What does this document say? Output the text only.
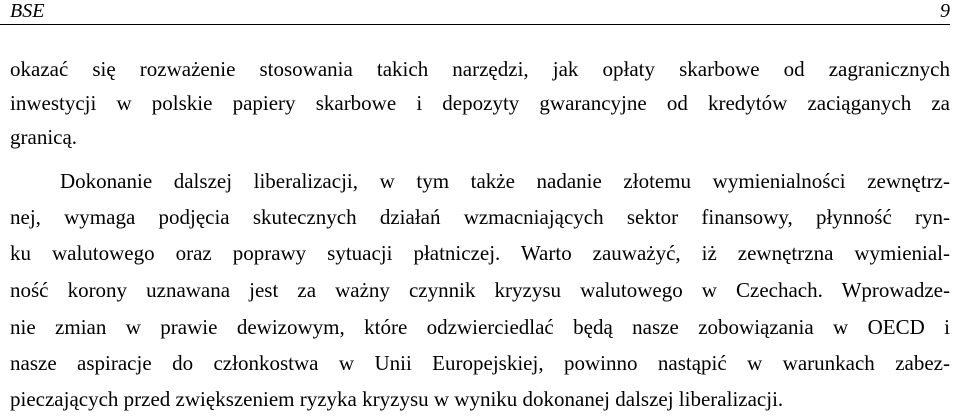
BSE	9
okazać się rozważenie stosowania takich narzędzi, jak opłaty skarbowe od zagranicznych
inwestycji w polskie papiery skarbowe i depozyty gwarancyjne od kredytów zaciąganych za
granicą.
Dokonanie dalszej liberalizacji, w tym także nadanie złotemu wymienialności zewnętrz-
nej, wymaga podjęcia skutecznych działań wzmacniających sektor finansowy, płynność ryn-
ku walutowego oraz poprawy sytuacji płatniczej. Warto zauważyć, iż zewnętrzna wymienial-
ność korony uznawana jest za ważny czynnik kryzysu walutowego w Czechach. Wprowadze-
nie zmian w prawie dewizowym, które odzwierciedlać będą nasze zobowiązania w OECD i
nasze aspiracje do członkostwa w Unii Europejskiej, powinno nastąpić w warunkach zabez-
pieczających przed zwiększeniem ryzyka kryzysu w wyniku dokonanej dalszej liberalizacji.
